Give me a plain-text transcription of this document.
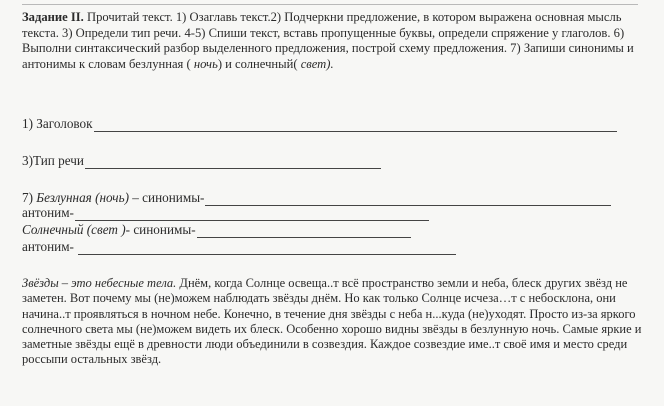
Задание II. Прочитай текст. 1) Озаглавь текст.2) Подчеркни предложение, в котором выражена основная мысль текста. 3) Определи тип речи. 4-5) Спиши текст, вставь пропущенные буквы, определи спряжение у глаголов. 6) Выполни синтаксический разбор выделенного предложения, построй схему предложения. 7) Запиши синонимы и антонимы к словам безлунная ( ночь) и солнечный( свет).
1) Заголовок
3)Тип речи
7) Безлунная (ночь) – синонимы-
антоним-
Солнечный (свет ) - синонимы-
антоним-
Звёзды – это небесные тела. Днём, когда Солнце освеща..т всё пространство земли и неба, блеск других звёзд не заметен. Вот почему мы (не)можем наблюдать звёзды днём. Но как только Солнце исчеза…т с небосклона, они начина..т проявляться в ночном небе. Конечно, в течение дня звёзды с неба н...куда (не)уходят. Просто из-за яркого солнечного света мы (не)можем видеть их блеск. Особенно хорошо видны звёзды в безлунную ночь. Самые яркие и заметные звёзды ещё в древности люди объединили в созвездия. Каждое созвездие име..т своё имя и место среди россыпи остальных звёзд.
